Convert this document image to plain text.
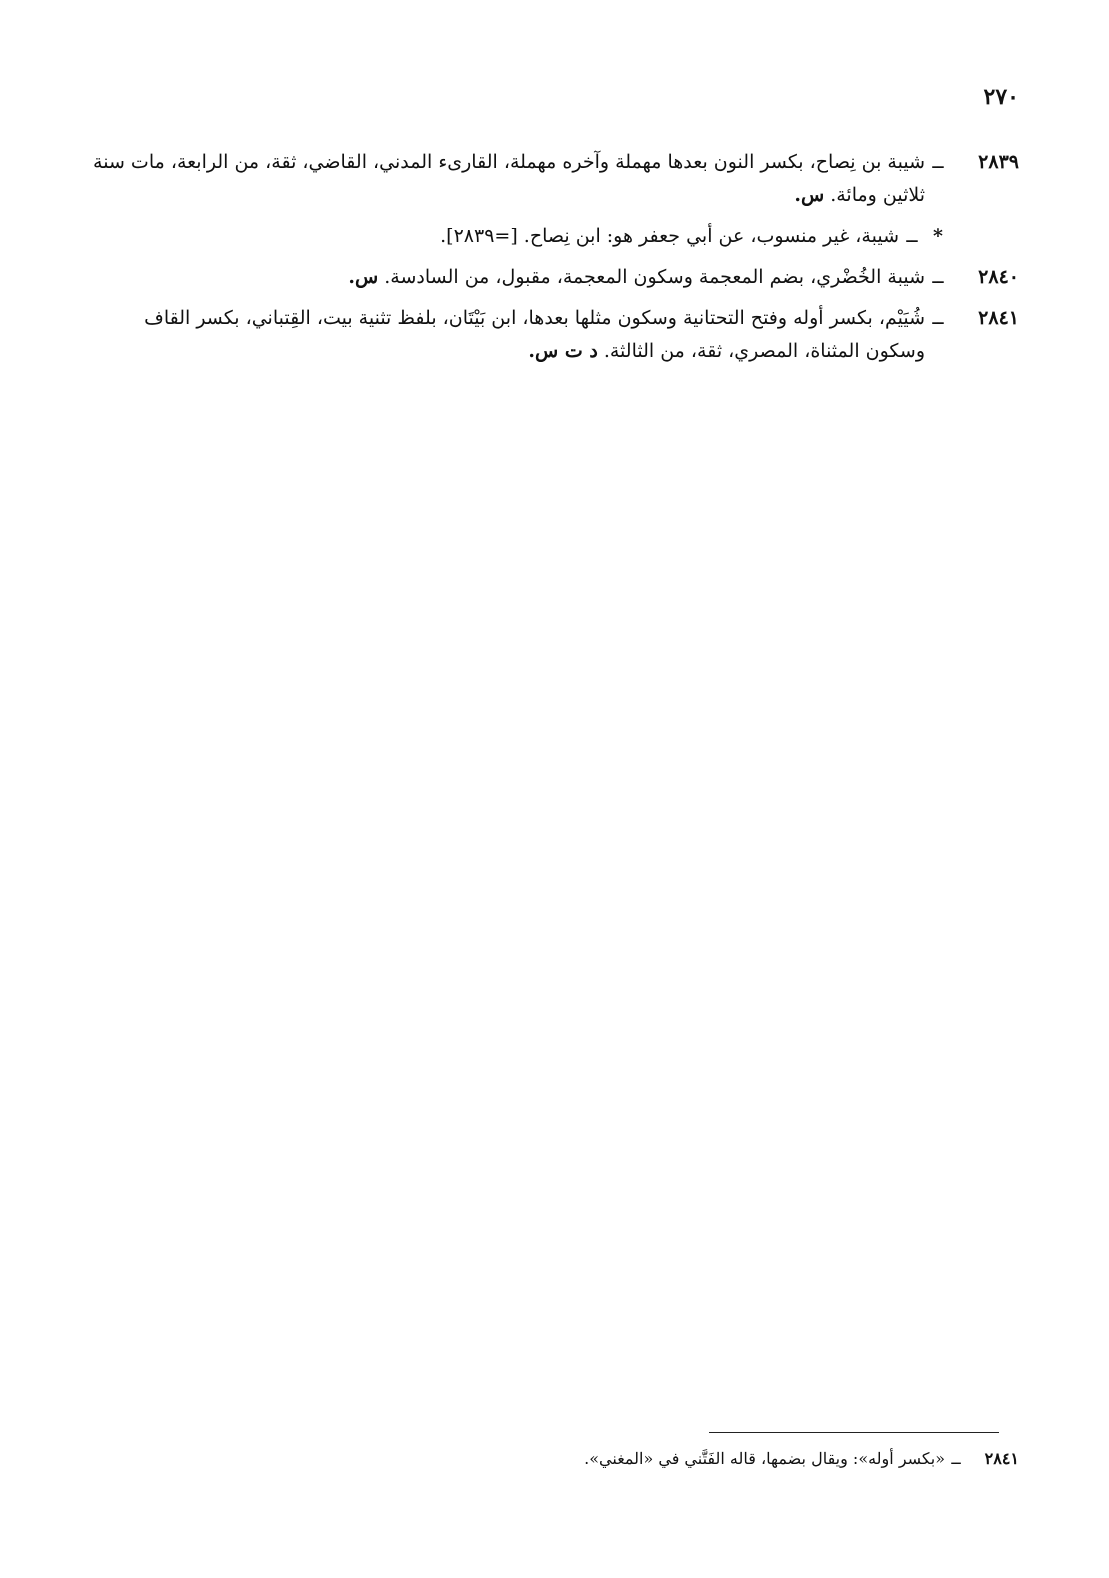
٢٧٠
٢٨٣٩
ــ
شيبة بن نِصاح، بكسر النون بعدها مهملة وآخره مهملة، القارىء المدني، القاضي، ثقة، من الرابعة، مات سنة ثلاثين ومائة. س.
*
ــ
شيبة، غير منسوب، عن أبي جعفر هو: ابن نِصاح. [=٢٨٣٩].
٢٨٤٠
ــ
شيبة الخُضْري، بضم المعجمة وسكون المعجمة، مقبول، من السادسة. س.
٢٨٤١
ــ
شُيَيْم، بكسر أوله وفتح التحتانية وسكون مثلها بعدها، ابن بَيْتَان، بلفظ تثنية بيت، القِتباني، بكسر القاف وسكون المثناة، المصري، ثقة، من الثالثة. د ت س.
٢٨٤١
ــ
«بكسر أوله»: ويقال بضمها، قاله الفَتَّني في «المغني».
